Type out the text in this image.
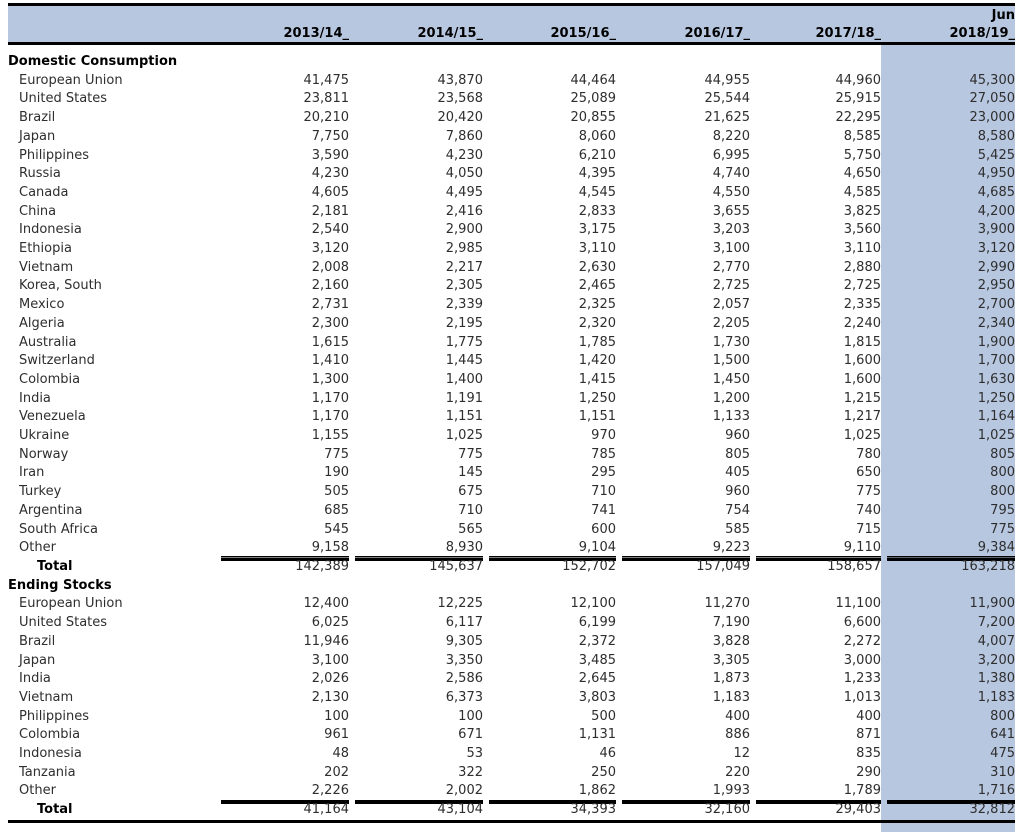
						Jun
	2013/14_	2014/15_	2015/16_	2016/17_	2017/18_	2018/19_

Domestic Consumption						
European Union	41,475	43,870	44,464	44,955	44,960	45,300
United States	23,811	23,568	25,089	25,544	25,915	27,050
Brazil	20,210	20,420	20,855	21,625	22,295	23,000
Japan	7,750	7,860	8,060	8,220	8,585	8,580
Philippines	3,590	4,230	6,210	6,995	5,750	5,425
Russia	4,230	4,050	4,395	4,740	4,650	4,950
Canada	4,605	4,495	4,545	4,550	4,585	4,685
China	2,181	2,416	2,833	3,655	3,825	4,200
Indonesia	2,540	2,900	3,175	3,203	3,560	3,900
Ethiopia	3,120	2,985	3,110	3,100	3,110	3,120
Vietnam	2,008	2,217	2,630	2,770	2,880	2,990
Korea, South	2,160	2,305	2,465	2,725	2,725	2,950
Mexico	2,731	2,339	2,325	2,057	2,335	2,700
Algeria	2,300	2,195	2,320	2,205	2,240	2,340
Australia	1,615	1,775	1,785	1,730	1,815	1,900
Switzerland	1,410	1,445	1,420	1,500	1,600	1,700
Colombia	1,300	1,400	1,415	1,450	1,600	1,630
India	1,170	1,191	1,250	1,200	1,215	1,250
Venezuela	1,170	1,151	1,151	1,133	1,217	1,164
Ukraine	1,155	1,025	970	960	1,025	1,025
Norway	775	775	785	805	780	805
Iran	190	145	295	405	650	800
Turkey	505	675	710	960	775	800
Argentina	685	710	741	754	740	795
South Africa	545	565	600	585	715	775
Other	9,158	8,930	9,104	9,223	9,110	9,384
Total	142,389	145,637	152,702	157,049	158,657	163,218
Ending Stocks						
European Union	12,400	12,225	12,100	11,270	11,100	11,900
United States	6,025	6,117	6,199	7,190	6,600	7,200
Brazil	11,946	9,305	2,372	3,828	2,272	4,007
Japan	3,100	3,350	3,485	3,305	3,000	3,200
India	2,026	2,586	2,645	1,873	1,233	1,380
Vietnam	2,130	6,373	3,803	1,183	1,013	1,183
Philippines	100	100	500	400	400	800
Colombia	961	671	1,131	886	871	641
Indonesia	48	53	46	12	835	475
Tanzania	202	322	250	220	290	310
Other	2,226	2,002	1,862	1,993	1,789	1,716
Total	41,164	43,104	34,393	32,160	29,403	32,812
